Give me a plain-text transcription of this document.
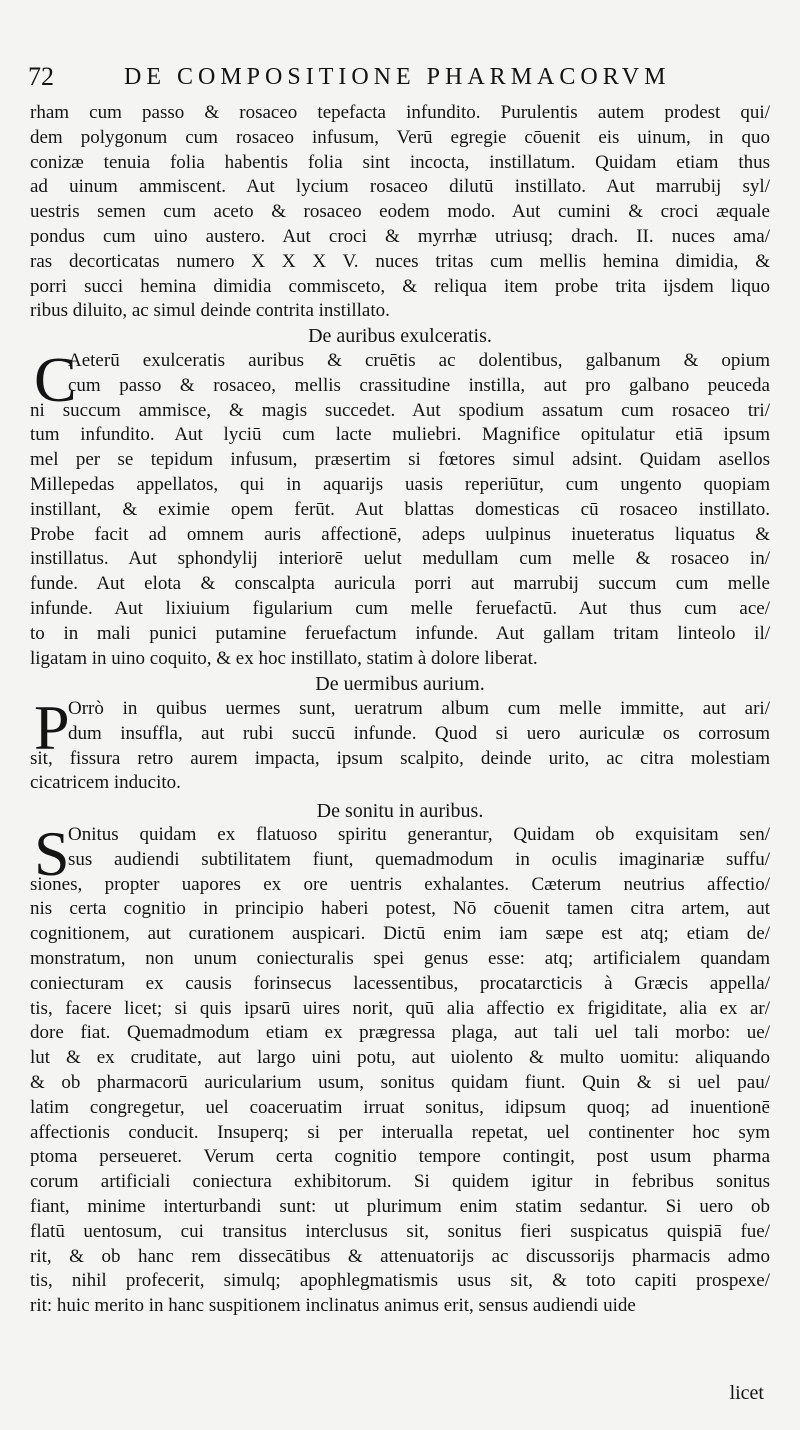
72	DE COMPOSITIONE PHARMACORVM
rham cum passo & rosaceo tepefacta infundito. Purulentis autem prodest qui/
dem polygonum cum rosaceo infusum, Verū egregie cōuenit eis uinum, in quo
conizæ tenuia folia habentis folia sint incocta, instillatum. Quidam etiam thus
ad uinum ammiscent. Aut lycium rosaceo dilutū instillato. Aut marrubij syl/
uestris semen cum aceto & rosaceo eodem modo. Aut cumini & croci æquale
pondus cum uino austero. Aut croci & myrrhæ utriusq; drach. II. nuces ama/
ras decorticatas numero X X X V. nuces tritas cum mellis hemina dimidia, &
porri succi hemina dimidia commisceto, & reliqua item probe trita ijsdem liquo
ribus diluito, ac simul deinde contrita instillato.
De auribus exulceratis.
C
Aeterū exulceratis auribus & cruētis ac dolentibus, galbanum & opium
cum passo & rosaceo, mellis crassitudine instilla, aut pro galbano peuceda
ni succum ammisce, & magis succedet. Aut spodium assatum cum rosaceo tri/
tum infundito. Aut lyciū cum lacte muliebri. Magnifice opitulatur etiā ipsum
mel per se tepidum infusum, præsertim si fœtores simul adsint. Quidam asellos
Millepedas appellatos, qui in aquarijs uasis reperiūtur, cum ungento quopiam
instillant, & eximie opem ferūt. Aut blattas domesticas cū rosaceo instillato.
Probe facit ad omnem auris affectionē, adeps uulpinus inueteratus liquatus &
instillatus. Aut sphondylij interiorē uelut medullam cum melle & rosaceo in/
funde. Aut elota & conscalpta auricula porri aut marrubij succum cum melle
infunde. Aut lixiuium figularium cum melle feruefactū. Aut thus cum ace/
to in mali punici putamine feruefactum infunde. Aut gallam tritam linteolo il/
ligatam in uino coquito, & ex hoc instillato, statim à dolore liberat.
De uermibus aurium.
P
Orrò in quibus uermes sunt, ueratrum album cum melle immitte, aut ari/
dum insuffla, aut rubi succū infunde. Quod si uero auriculæ os corrosum
sit, fissura retro aurem impacta, ipsum scalpito, deinde urito, ac citra molestiam
cicatricem inducito.
De sonitu in auribus.
S
Onitus quidam ex flatuoso spiritu generantur, Quidam ob exquisitam sen/
sus audiendi subtilitatem fiunt, quemadmodum in oculis imaginariæ suffu/
siones, propter uapores ex ore uentris exhalantes. Cæterum neutrius affectio/
nis certa cognitio in principio haberi potest, Nō cōuenit tamen citra artem, aut
cognitionem, aut curationem auspicari. Dictū enim iam sæpe est atq; etiam de/
monstratum, non unum coniecturalis spei genus esse: atq; artificialem quandam
coniecturam ex causis forinsecus lacessentibus, procatarcticis à Græcis appella/
tis, facere licet; si quis ipsarū uires norit, quū alia affectio ex frigiditate, alia ex ar/
dore fiat. Quemadmodum etiam ex prægressa plaga, aut tali uel tali morbo: ue/
lut & ex cruditate, aut largo uini potu, aut uiolento & multo uomitu: aliquando
& ob pharmacorū auricularium usum, sonitus quidam fiunt. Quin & si uel pau/
latim congregetur, uel coaceruatim irruat sonitus, idipsum quoq; ad inuentionē
affectionis conducit. Insuperq; si per interualla repetat, uel continenter hoc sym
ptoma perseueret. Verum certa cognitio tempore contingit, post usum pharma
corum artificiali coniectura exhibitorum. Si quidem igitur in febribus sonitus
fiant, minime interturbandi sunt: ut plurimum enim statim sedantur. Si uero ob
flatū uentosum, cui transitus interclusus sit, sonitus fieri suspicatus quispiā fue/
rit, & ob hanc rem dissecātibus & attenuatorijs ac discussorijs pharmacis admo
tis, nihil profecerit, simulq; apophlegmatismis usus sit, & toto capiti prospexe/
rit: huic merito in hanc suspitionem inclinatus animus erit, sensus audiendi uide
licet
